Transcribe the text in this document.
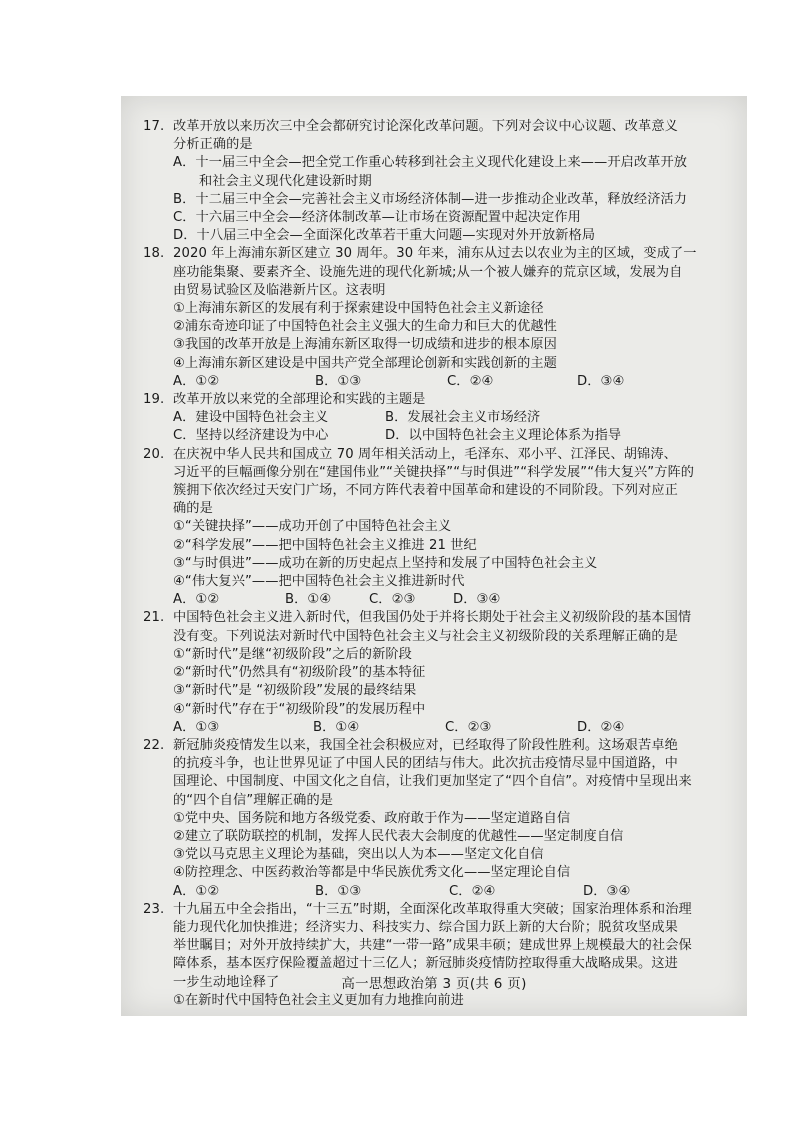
17. 改革开放以来历次三中全会都研究讨论深化改革问题。下列对会议中心议题、改革意义
分析正确的是
A．十一届三中全会—把全党工作重心转移到社会主义现代化建设上来——开启改革开放
和社会主义现代化建设新时期
B．十二届三中全会—完善社会主义市场经济体制—进一步推动企业改革，释放经济活力
C．十六届三中全会—经济体制改革—让市场在资源配置中起决定作用
D．十八届三中全会—全面深化改革若干重大问题—实现对外开放新格局
18. 2020 年上海浦东新区建立 30 周年。30 年来，浦东从过去以农业为主的区域，变成了一
座功能集聚、要素齐全、设施先进的现代化新城;从一个被人嫌弃的荒京区域，发展为自
由贸易试验区及临港新片区。这表明
①上海浦东新区的发展有利于探索建设中国特色社会主义新途径
②浦东奇迹印证了中国特色社会主义强大的生命力和巨大的优越性
③我国的改革开放是上海浦东新区取得一切成绩和进步的根本原因
④上海浦东新区建设是中国共产党全部理论创新和实践创新的主题
A．①②	B．①③	C．②④	D．③④
19. 改革开放以来党的全部理论和实践的主题是
A．建设中国特色社会主义	B．发展社会主义市场经济
C．坚持以经济建设为中心	D．以中国特色社会主义理论体系为指导
20. 在庆祝中华人民共和国成立 70 周年相关活动上，毛泽东、邓小平、江泽民、胡锦涛、
习近平的巨幅画像分别在“建国伟业”“关键抉择”“与时俱进”“科学发展”“伟大复兴”方阵的
簇拥下依次经过天安门广场，不同方阵代表着中国革命和建设的不同阶段。下列对应正
确的是
①“关键抉择”——成功开创了中国特色社会主义
②“科学发展”——把中国特色社会主义推进 21 世纪
③“与时俱进”——成功在新的历史起点上坚持和发展了中国特色社会主义
④“伟大复兴”——把中国特色社会主义推进新时代
A．①②	B．①④	C．②③	D．③④
21. 中国特色社会主义进入新时代，但我国仍处于并将长期处于社会主义初级阶段的基本国情
没有变。下列说法对新时代中国特色社会主义与社会主义初级阶段的关系理解正确的是
①“新时代”是继“初级阶段”之后的新阶段
②“新时代”仍然具有“初级阶段”的基本特征
③“新时代”是 “初级阶段”发展的最终结果
④“新时代”存在于“初级阶段”的发展历程中
A．①③	B．①④	C．②③	D．②④
22. 新冠肺炎疫情发生以来，我国全社会积极应对，已经取得了阶段性胜利。这场艰苦卓绝
的抗疫斗争，也让世界见证了中国人民的团结与伟大。此次抗击疫情尽显中国道路，中
国理论、中国制度、中国文化之自信，让我们更加坚定了“四个自信”。对疫情中呈现出来
的“四个自信”理解正确的是
①党中央、国务院和地方各级党委、政府敢于作为——坚定道路自信
②建立了联防联控的机制，发挥人民代表大会制度的优越性——坚定制度自信
③党以马克思主义理论为基础，突出以人为本——坚定文化自信
④防控理念、中医药救治等都是中华民族优秀文化——坚定理论自信
A．①②	B．①③	C．②④	D．③④
23. 十九届五中全会指出，“十三五”时期，全面深化改革取得重大突破；国家治理体系和治理
能力现代化加快推进；经济实力、科技实力、综合国力跃上新的大台阶；脱贫攻坚成果
举世瞩目；对外开放持续扩大，共建“一带一路”成果丰硕；建成世界上规模最大的社会保
障体系，基本医疗保险覆盖超过十三亿人；新冠肺炎疫情防控取得重大战略成果。这进
一步生动地诠释了
①在新时代中国特色社会主义更加有力地推向前进
高一思想政治第 3 页(共 6 页)
